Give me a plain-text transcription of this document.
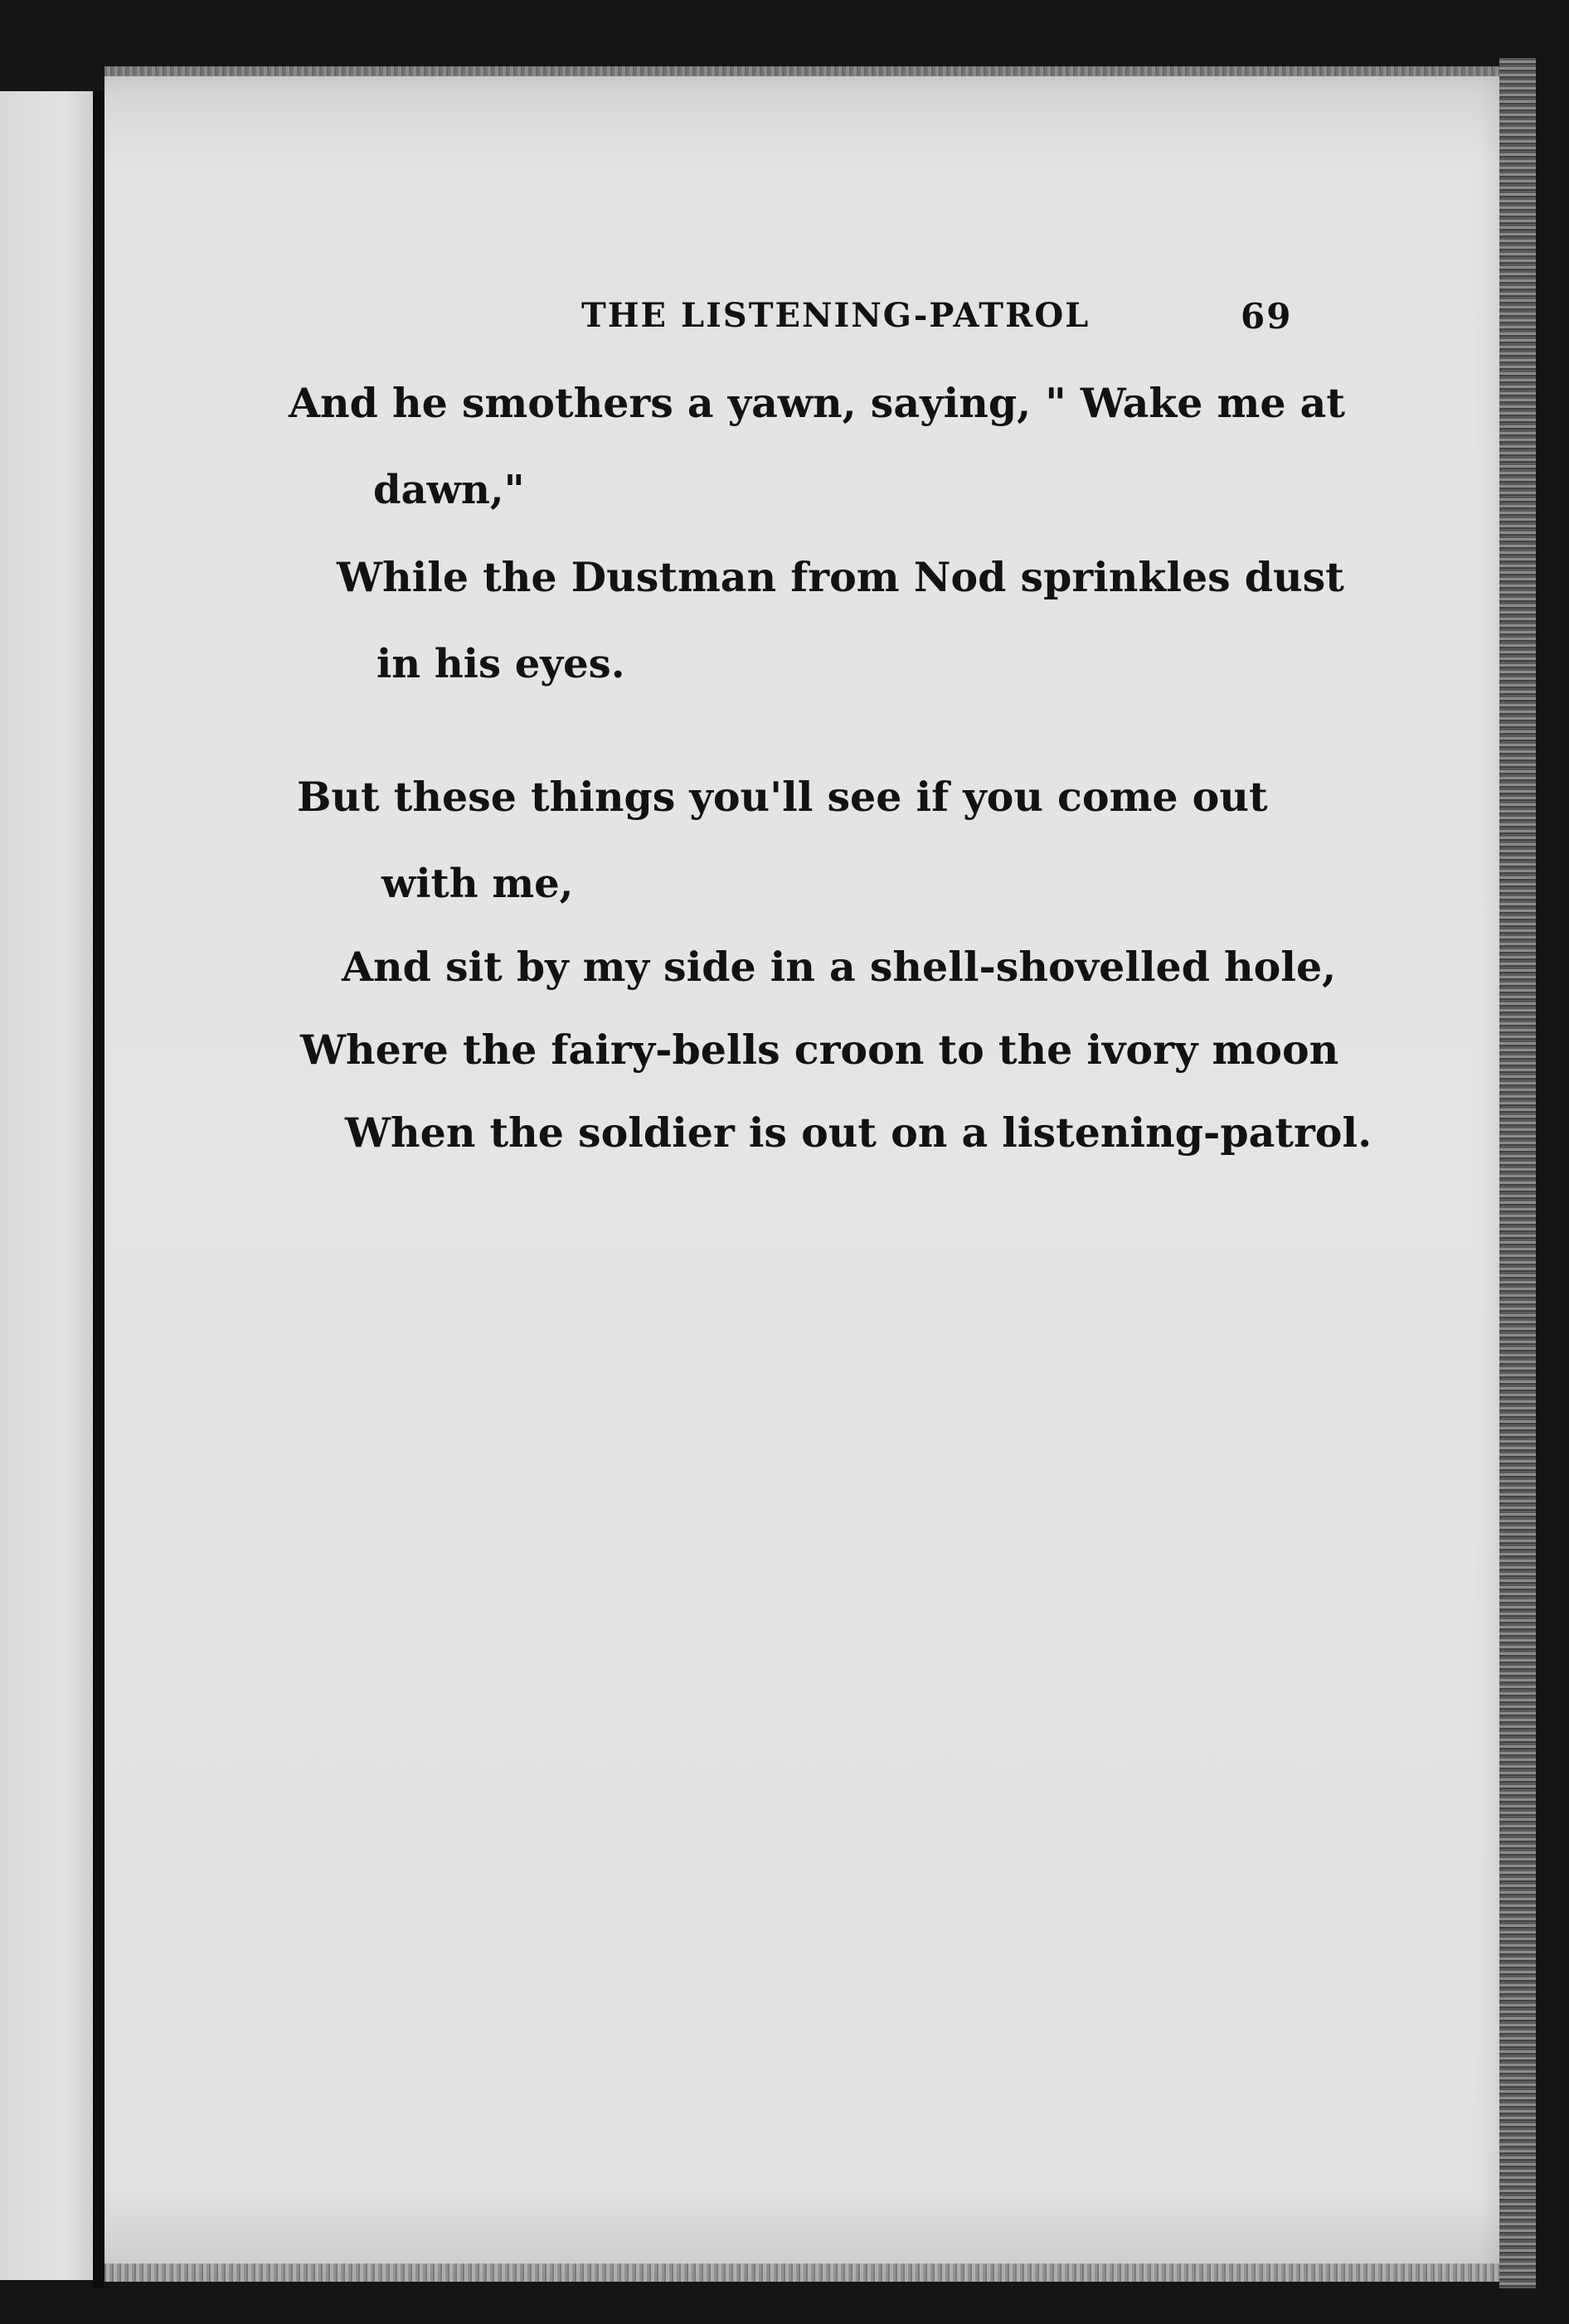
THE LISTENING-PATROL	69
And he smothers a yawn, saying, " Wake me at
dawn,"
While the Dustman from Nod sprinkles dust
in his eyes.
But these things you'll see if you come out
with me,
And sit by my side in a shell-shovelled hole,
Where the fairy-bells croon to the ivory moon
When the soldier is out on a listening-patrol.
